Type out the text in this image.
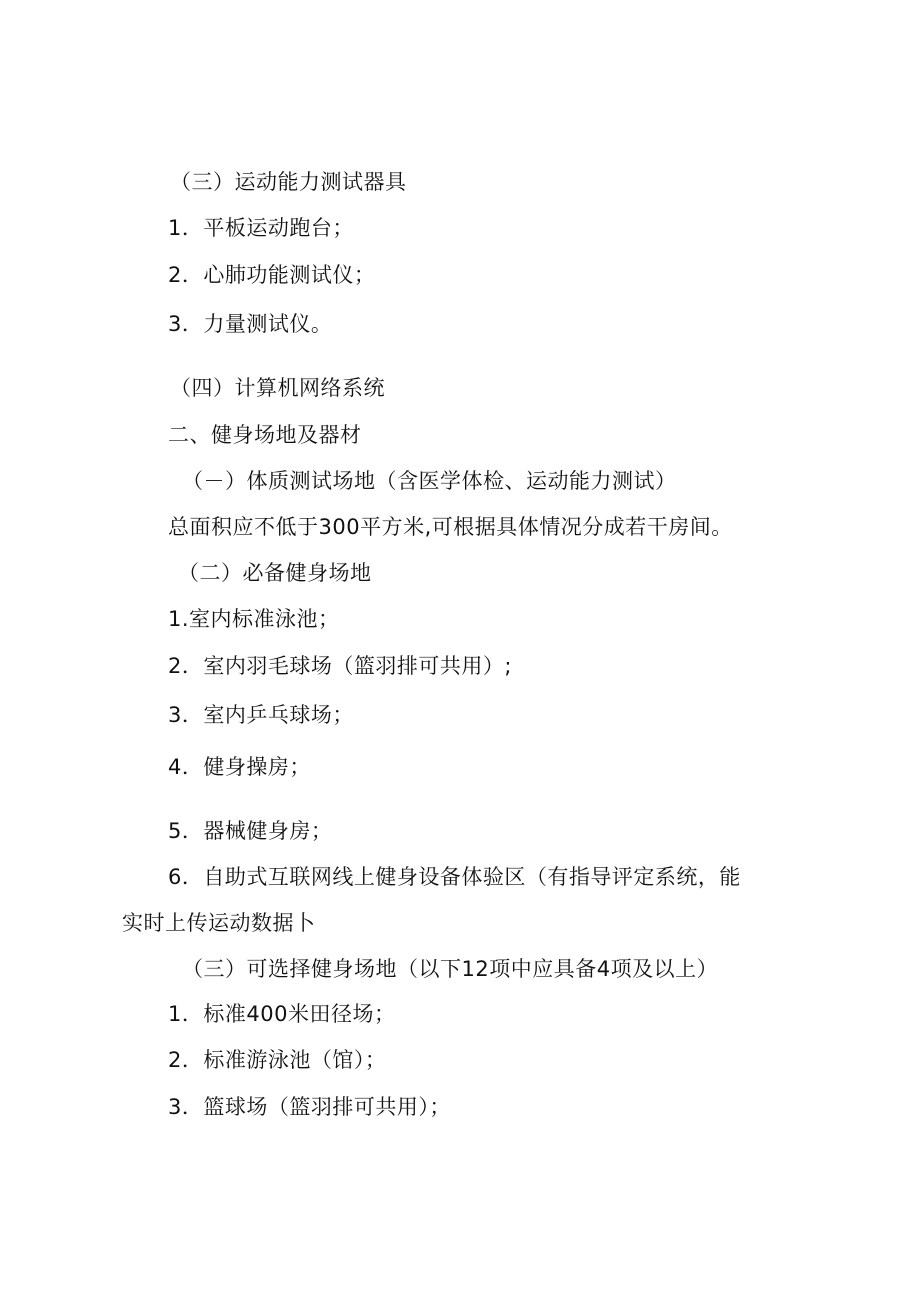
（三）运动能力测试器具
1．平板运动跑台；
2．心肺功能测试仪；
3．力量测试仪。
（四）计算机网络系统
二、健身场地及器材
（－）体质测试场地（含医学体检、运动能力测试）
总面积应不低于300平方米,可根据具体情况分成若干房间。
（二）必备健身场地
1.室内标准泳池；
2．室内羽毛球场（篮羽排可共用）;
3．室内乒乓球场；
4．健身操房；
5．器械健身房；
6．自助式互联网线上健身设备体验区（有指导评定系统，能
实时上传运动数据卜
（三）可选择健身场地（以下12项中应具备4项及以上）
1．标准400米田径场；
2．标准游泳池（馆）；
3．篮球场（篮羽排可共用）；
